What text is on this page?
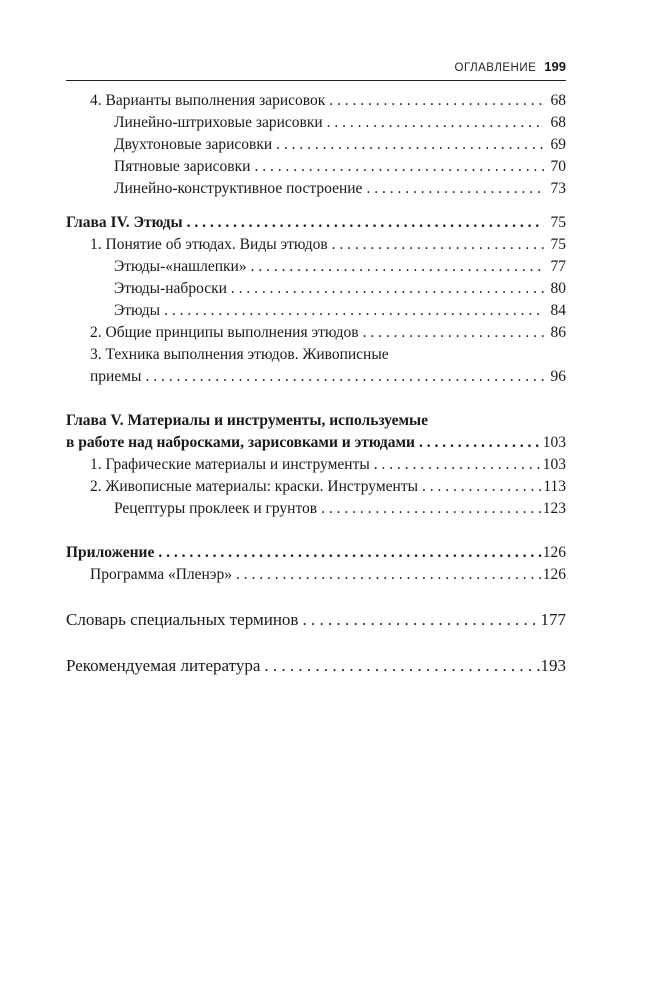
ОГЛАВЛЕНИЕ 199
4. Варианты выполнения зарисовок . . .	68
Линейно-штриховые зарисовки . . .	68
Двухтоновые зарисовки . . .	69
Пятновые зарисовки . . .	70
Линейно-конструктивное построение . . .	73
Глава IV. Этюды . . .	75
1. Понятие об этюдах. Виды этюдов . . .	75
Этюды-«нашлепки» . . .	77
Этюды-наброски . . .	80
Этюды . . .	84
2. Общие принципы выполнения этюдов . . .	86
3. Техника выполнения этюдов. Живописные
приемы . . .	96
Глава V. Материалы и инструменты, используемые
в работе над набросками, зарисовками и этюдами . . .	103
1. Графические материалы и инструменты . . .	103
2. Живописные материалы: краски. Инструменты . . .	113
Рецептуры проклеек и грунтов . . .	123
Приложение . . .	126
Программа «Пленэр» . . .	126
Словарь специальных терминов . . .	177
Рекомендуемая литература . . .	193
